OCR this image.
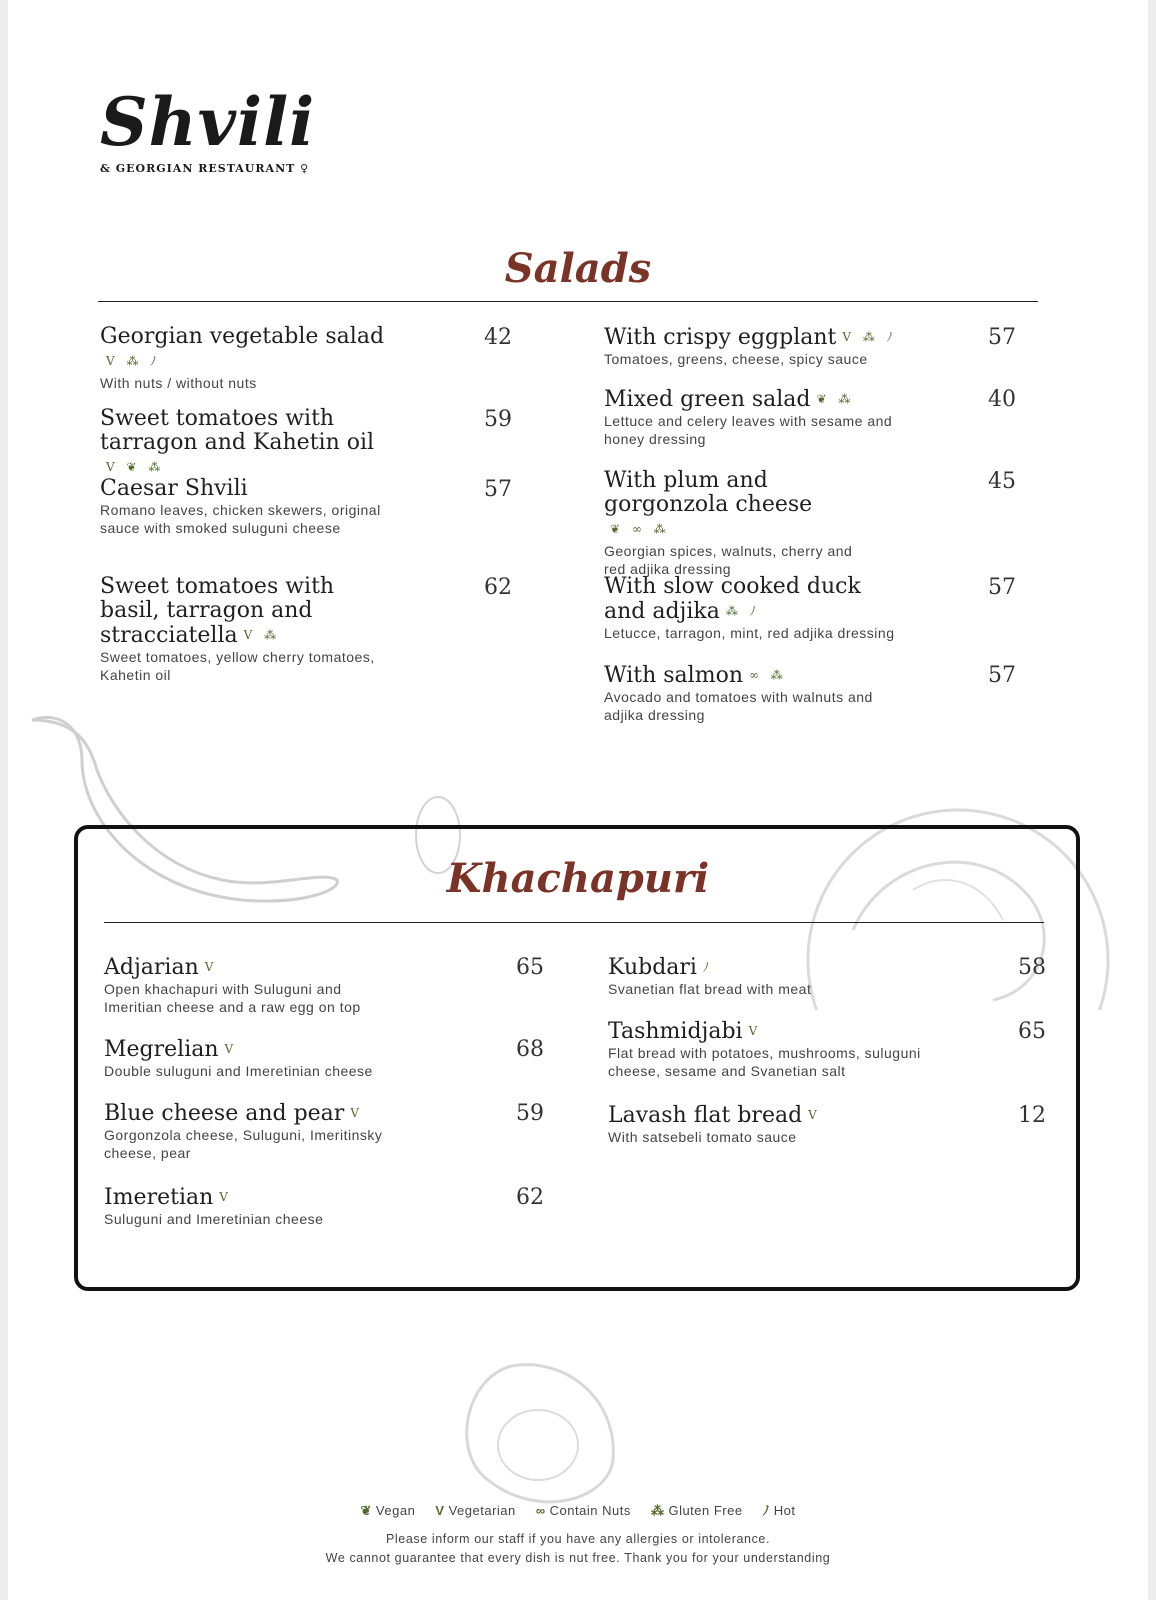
Shvili
& GEORGIAN RESTAURANT ♀
Salads
Georgian vegetable saladV ⁂ ﾉ
With nuts / without nuts
42
Sweet tomatoes with tarragon and Kahetin oilV ❦ ⁂
59
Caesar Shvili
Romano leaves, chicken skewers, original sauce with smoked suluguni cheese
57
Sweet tomatoes with basil, tarragon and stracciatella V ⁂
Sweet tomatoes, yellow cherry tomatoes, Kahetin oil
62
With crispy eggplant V ⁂ ﾉ
Tomatoes, greens, cheese, spicy sauce
57
Mixed green salad ❦ ⁂
Lettuce and celery leaves with sesame and honey dressing
40
With plum and gorgonzola cheese❦ ∞ ⁂
Georgian spices, walnuts, cherry and red adjika dressing
45
With slow cooked duck and adjika ⁂ ﾉ
Letucce, tarragon, mint, red adjika dressing
57
With salmon ∞ ⁂
Avocado and tomatoes with walnuts and adjika dressing
57
Khachapuri
Adjarian V
Open khachapuri with Suluguni and Imeritian cheese and a raw egg on top
65
Megrelian V
Double suluguni and Imeretinian cheese
68
Blue cheese and pear V
Gorgonzola cheese, Suluguni, Imeritinsky cheese, pear
59
Imeretian V
Suluguni and Imeretinian cheese
62
Kubdari ﾉ
Svanetian flat bread with meat
58
Tashmidjabi V
Flat bread with potatoes, mushrooms, suluguni cheese, sesame and Svanetian salt
65
Lavash flat bread V
With satsebeli tomato sauce
12
❦ Vegan V Vegetarian ∞ Contain Nuts ⁂ Gluten Free ﾉ Hot
Please inform our staff if you have any allergies or intolerance.
We cannot guarantee that every dish is nut free. Thank you for your understanding
